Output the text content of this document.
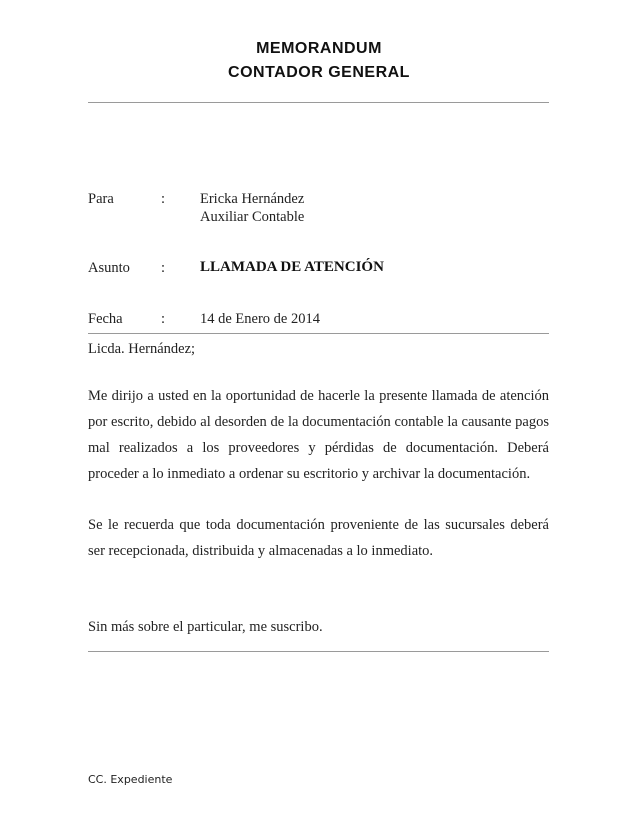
MEMORANDUM
CONTADOR GENERAL
Para	: Ericka Hernández
Auxiliar Contable
Asunto : LLAMADA DE ATENCIÓN
Fecha	: 14 de Enero de 2014
Licda. Hernández;

Me dirijo a usted en la oportunidad de hacerle la presente llamada de atención por escrito, debido al desorden de la documentación contable la causante pagos mal realizados a los proveedores y pérdidas de documentación. Deberá proceder a lo inmediato a ordenar su escritorio y archivar la documentación.

Se le recuerda que toda documentación proveniente de las sucursales deberá ser recepcionada, distribuida y almacenadas a lo inmediato.

Sin más sobre el particular, me suscribo.
CC. Expediente
